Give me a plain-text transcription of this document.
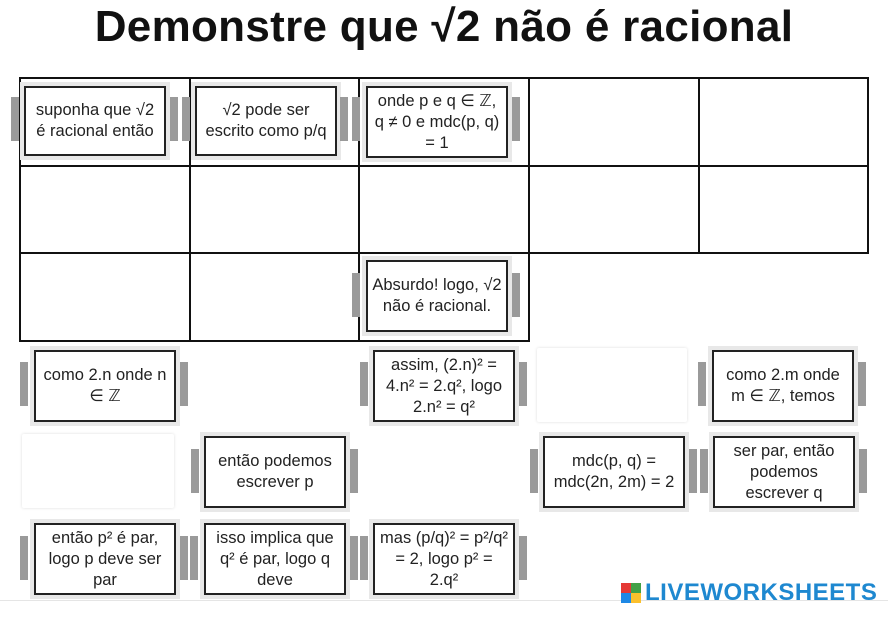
Demonstre que √2 não é racional
suponha que √2 é racional então
√2 pode ser escrito como p/q
onde p e q ∈ ℤ, q ≠ 0 e mdc(p, q) = 1
Absurdo! logo, √2 não é racional.
como 2.n onde n ∈ ℤ
assim, (2.n)² = 4.n² = 2.q², logo 2.n² = q²
como 2.m onde m ∈ ℤ, temos
então podemos escrever p
mdc(p, q) = mdc(2n, 2m) = 2
ser par, então podemos escrever q
então p² é par, logo p deve ser par
isso implica que q² é par, logo q deve
mas (p/q)² = p²/q² = 2, logo p² = 2.q²	LIVEWORKSHEETS
